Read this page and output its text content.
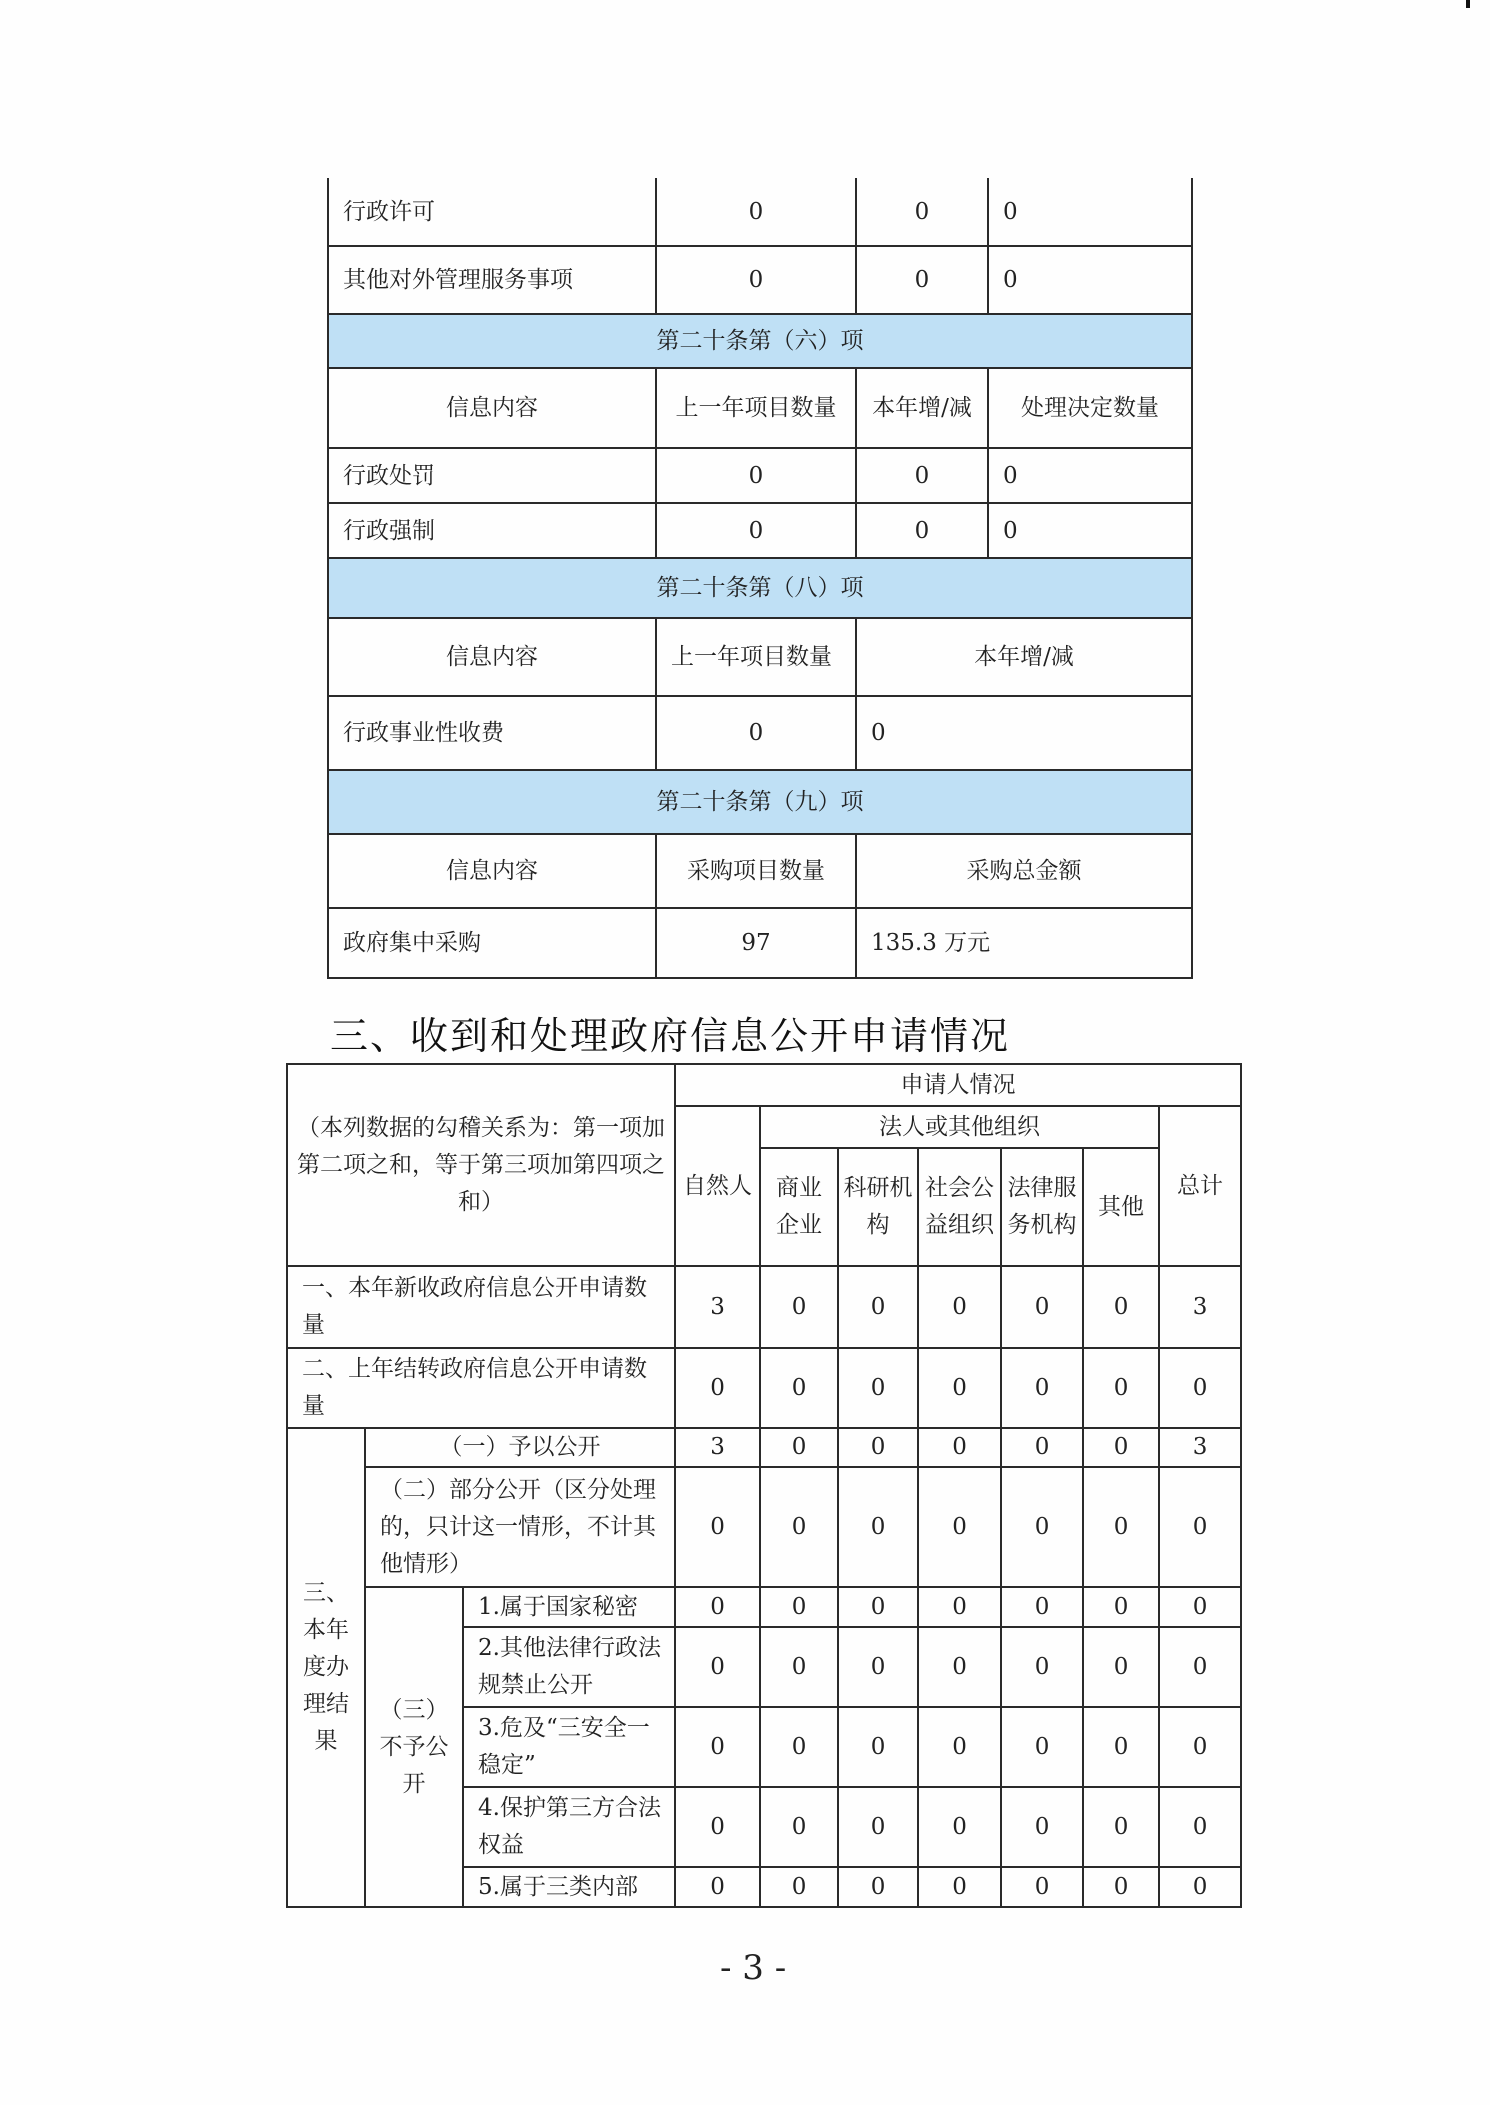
行政许可	0	0	0
其他对外管理服务事项	0	0	0
第二十条第（六）项			
信息内容	上一年项目数量	本年增/减	处理决定数量
行政处罚	0	0	0
行政强制	0	0	0
第二十条第（八）项			
信息内容	上一年项目数量	本年增/减	
行政事业性收费	0	0	
第二十条第（九）项			
信息内容	采购项目数量	采购总金额	
政府集中采购	97	135.3 万元	
三、收到和处理政府信息公开申请情况
（本列数据的勾稽关系为：第一项加第二项之和，等于第三项加第四项之和）			申请人情况						
			自然人	法人或其他组织					总计
				商业企业	科研机构	社会公益组织	法律服务机构	其他	
一、本年新收政府信息公开申请数量			3	0	0	0	0	0	3
二、上年结转政府信息公开申请数量			0	0	0	0	0	0	0
三、本年度办理结果	（一）予以公开		3	0	0	0	0	0	3
	（二）部分公开（区分处理的，只计这一情形，不计其他情形）		0	0	0	0	0	0	0
	（三）不予公开	1.属于国家秘密	0	0	0	0	0	0	0
		2.其他法律行政法规禁止公开	0	0	0	0	0	0	0
		3.危及“三安全一稳定”	0	0	0	0	0	0	0
		4.保护第三方合法权益	0	0	0	0	0	0	0
		5.属于三类内部	0	0	0	0	0	0	0
- 3 -
